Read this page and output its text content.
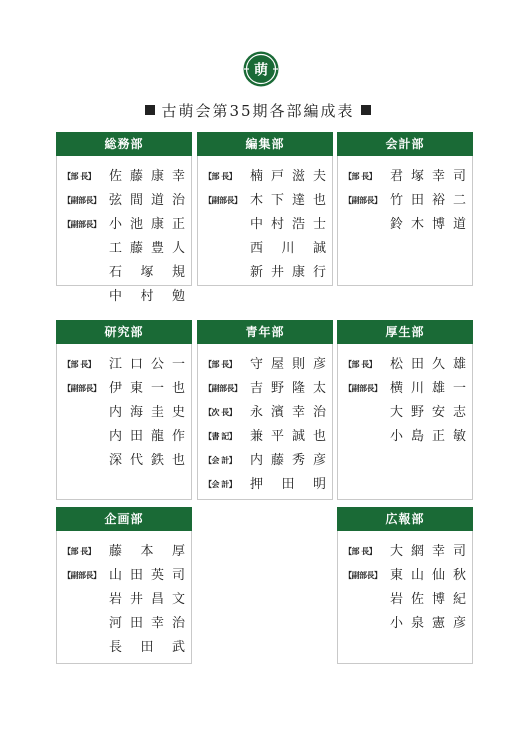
萌
古萌会第35期各部編成表
総務部
【部 長】 佐 藤 康 幸
【副部長】 弦 間 道 治
【副部長】 小 池 康 正
工 藤 豊 人
石 塚 規
中 村 勉
編集部
【部 長】 楠 戸 滋 夫
【副部長】 木 下 達 也
中 村 浩 士
西 川 誠
新 井 康 行
会計部
【部 長】 君 塚 幸 司
【副部長】 竹 田 裕 二
鈴 木 博 道
研究部
【部 長】 江 口 公 一
【副部長】 伊 東 一 也
内 海 圭 史
内 田 龍 作
深 代 鉄 也
青年部
【部 長】 守 屋 則 彦
【副部長】 吉 野 隆 太
【次 長】 永 濱 幸 治
【書 記】 兼 平 誠 也
【会 計】 内 藤 秀 彦
【会 計】 押 田 明
厚生部
【部 長】 松 田 久 雄
【副部長】 横 川 雄 一
大 野 安 志
小 島 正 敏
企画部
【部 長】 藤 本 厚
【副部長】 山 田 英 司
岩 井 昌 文
河 田 幸 治
長 田 武
広報部
【部 長】 大 網 幸 司
【副部長】 東 山 仙 秋
岩 佐 博 紀
小 泉 憲 彦
